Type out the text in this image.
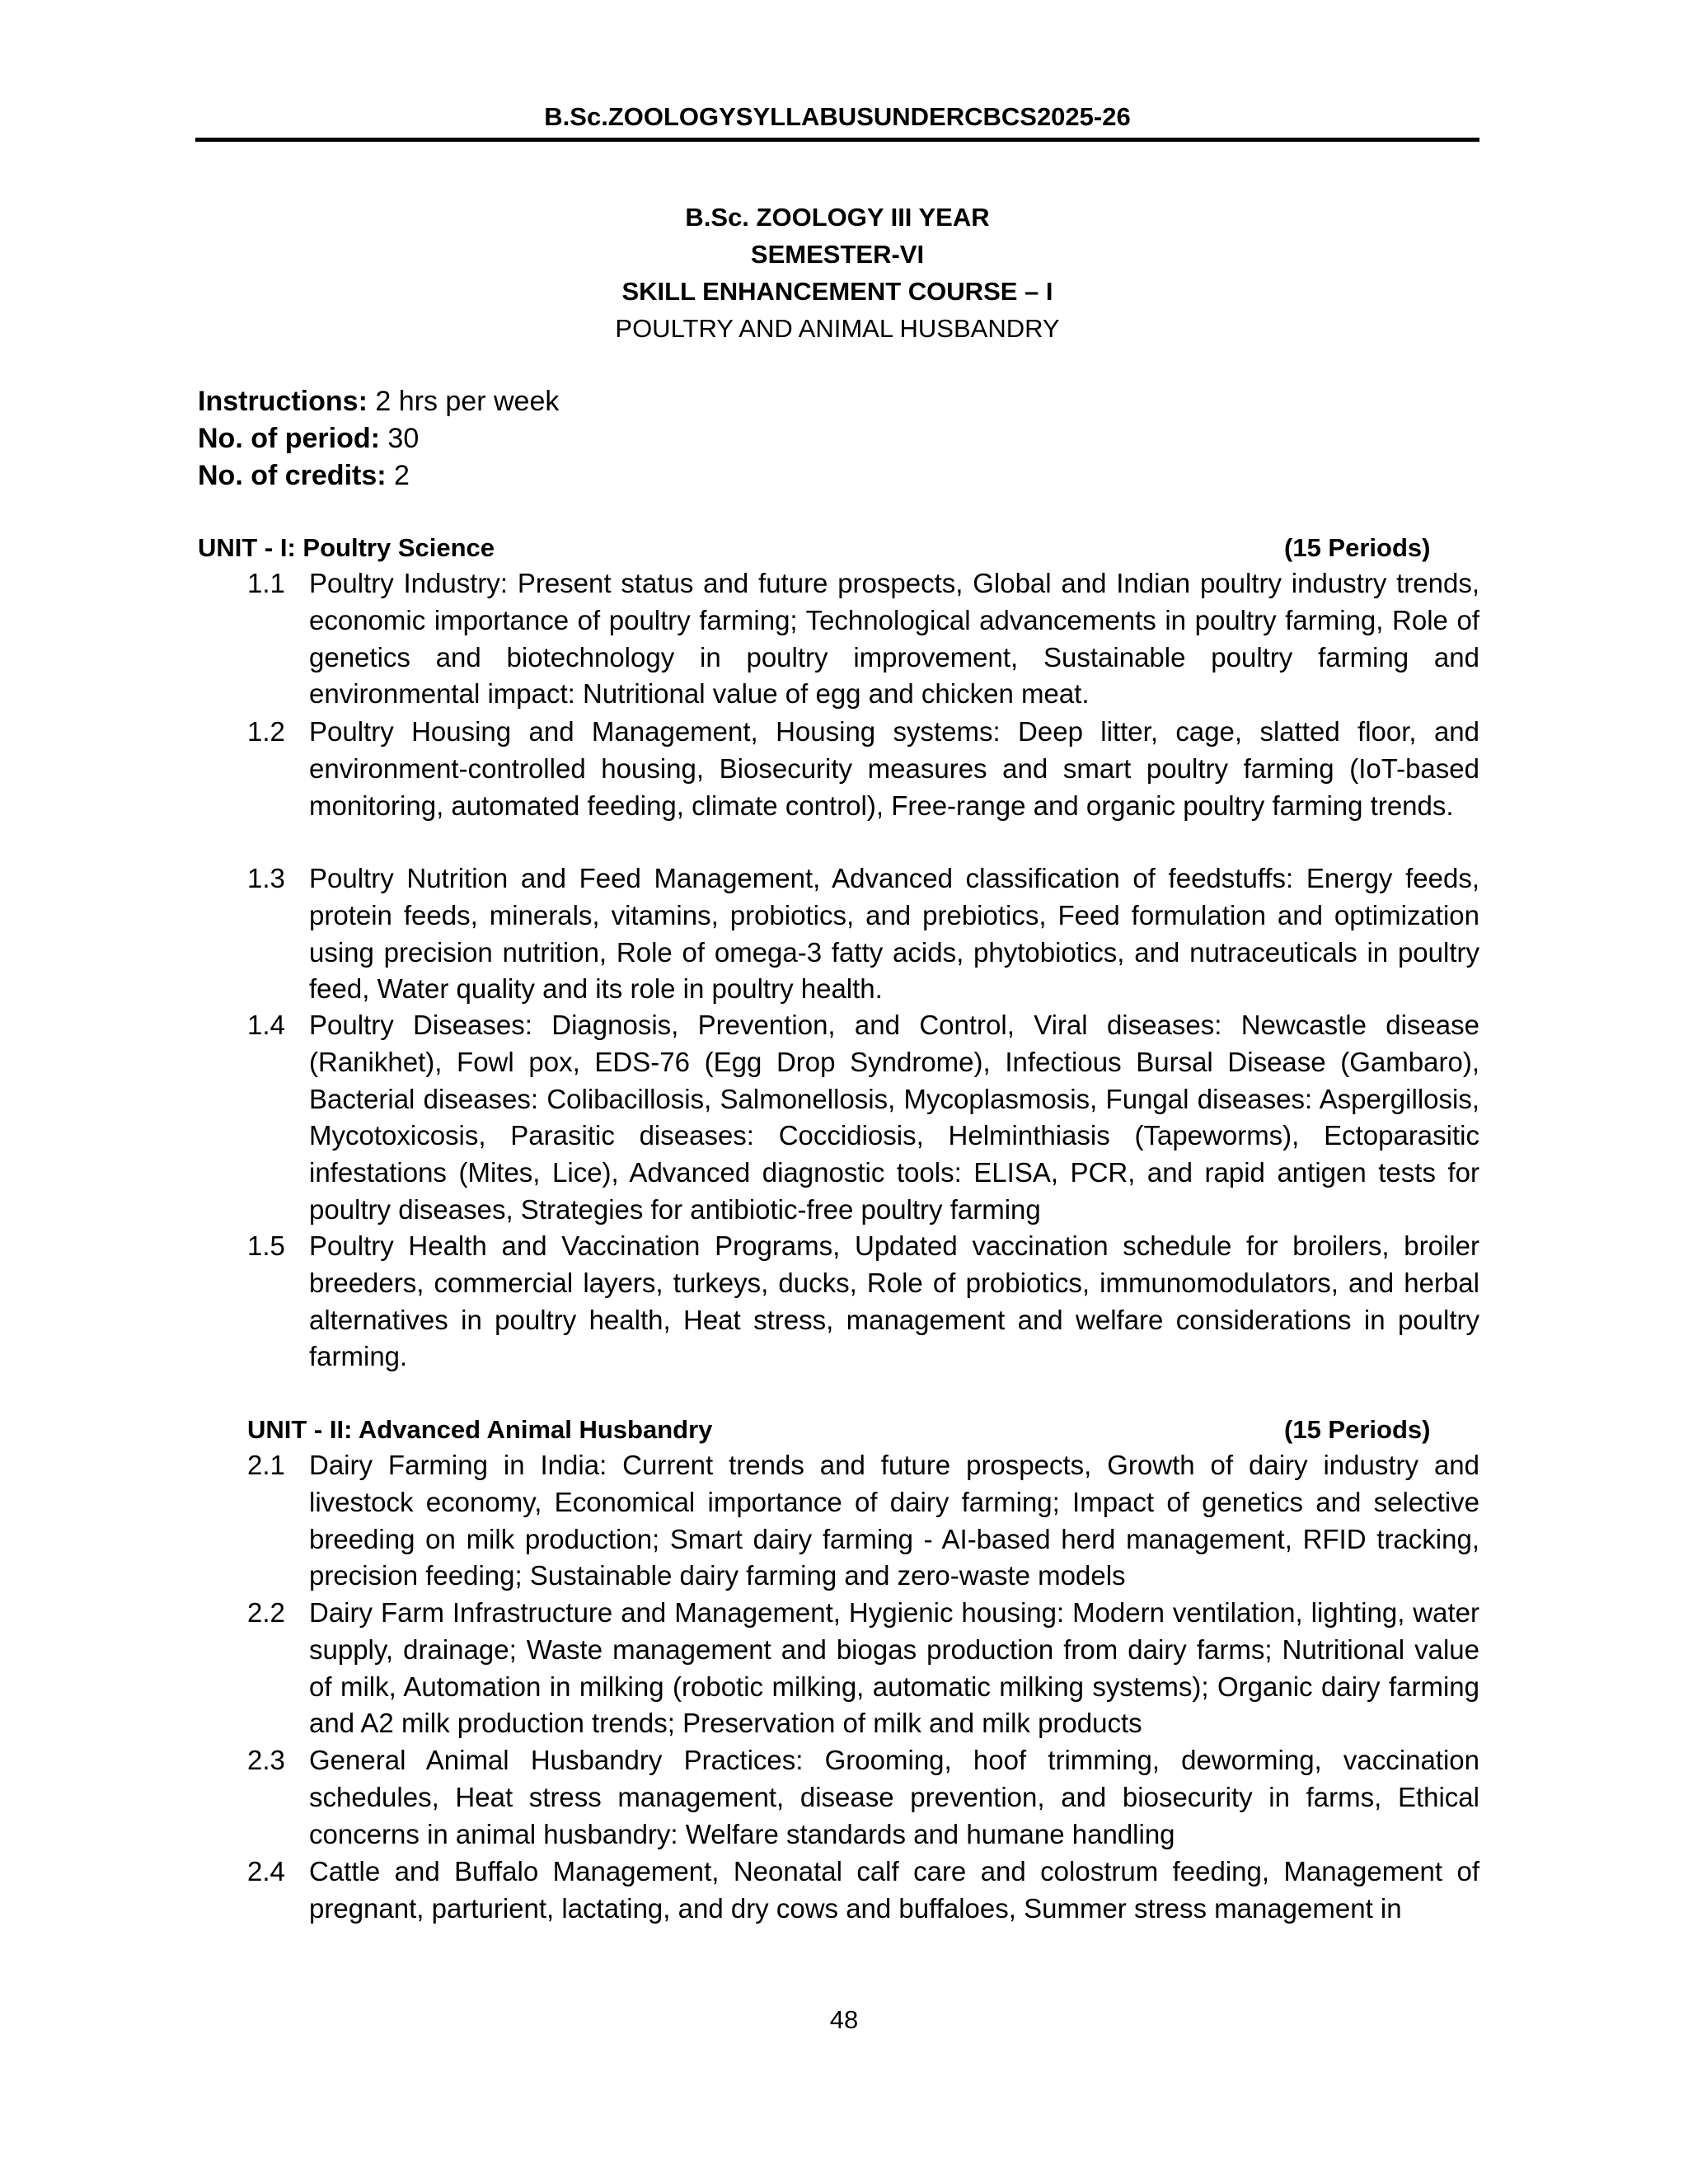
B.Sc.ZOOLOGYSYLLABUSUNDERCBCS2025-26
B.Sc. ZOOLOGY III YEAR
SEMESTER-VI
SKILL ENHANCEMENT COURSE – I
POULTRY AND ANIMAL HUSBANDRY
Instructions: 2 hrs per week
No. of period: 30
No. of credits: 2
UNIT - I: Poultry Science	(15 Periods)
1.1 Poultry Industry: Present status and future prospects, Global and Indian poultry industry trends, economic importance of poultry farming; Technological advancements in poultry farming, Role of genetics and biotechnology in poultry improvement, Sustainable poultry farming and environmental impact: Nutritional value of egg and chicken meat.
1.2 Poultry Housing and Management, Housing systems: Deep litter, cage, slatted floor, and environment-controlled housing, Biosecurity measures and smart poultry farming (IoT-based monitoring, automated feeding, climate control), Free-range and organic poultry farming trends.
1.3 Poultry Nutrition and Feed Management, Advanced classification of feedstuffs: Energy feeds, protein feeds, minerals, vitamins, probiotics, and prebiotics, Feed formulation and optimization using precision nutrition, Role of omega-3 fatty acids, phytobiotics, and nutraceuticals in poultry feed, Water quality and its role in poultry health.
1.4 Poultry Diseases: Diagnosis, Prevention, and Control, Viral diseases: Newcastle disease (Ranikhet), Fowl pox, EDS-76 (Egg Drop Syndrome), Infectious Bursal Disease (Gambaro), Bacterial diseases: Colibacillosis, Salmonellosis, Mycoplasmosis, Fungal diseases: Aspergillosis, Mycotoxicosis, Parasitic diseases: Coccidiosis, Helminthiasis (Tapeworms), Ectoparasitic infestations (Mites, Lice), Advanced diagnostic tools: ELISA, PCR, and rapid antigen tests for poultry diseases, Strategies for antibiotic-free poultry farming
1.5 Poultry Health and Vaccination Programs, Updated vaccination schedule for broilers, broiler breeders, commercial layers, turkeys, ducks, Role of probiotics, immunomodulators, and herbal alternatives in poultry health, Heat stress, management and welfare considerations in poultry farming.
UNIT - II: Advanced Animal Husbandry	(15 Periods)
2.1 Dairy Farming in India: Current trends and future prospects, Growth of dairy industry and livestock economy, Economical importance of dairy farming; Impact of genetics and selective breeding on milk production; Smart dairy farming - AI-based herd management, RFID tracking, precision feeding; Sustainable dairy farming and zero-waste models
2.2 Dairy Farm Infrastructure and Management, Hygienic housing: Modern ventilation, lighting, water supply, drainage; Waste management and biogas production from dairy farms; Nutritional value of milk, Automation in milking (robotic milking, automatic milking systems); Organic dairy farming and A2 milk production trends; Preservation of milk and milk products
2.3 General Animal Husbandry Practices: Grooming, hoof trimming, deworming, vaccination schedules, Heat stress management, disease prevention, and biosecurity in farms, Ethical concerns in animal husbandry: Welfare standards and humane handling
2.4 Cattle and Buffalo Management, Neonatal calf care and colostrum feeding, Management of pregnant, parturient, lactating, and dry cows and buffaloes, Summer stress management in
48
